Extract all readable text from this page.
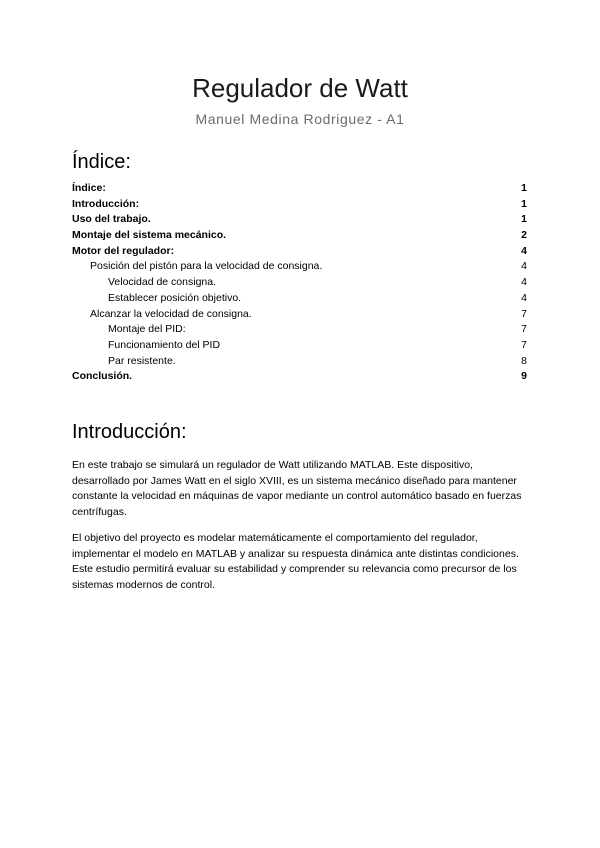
Regulador de Watt
Manuel Medina Rodriguez - A1
Índice:
Índice:	1
Introducción:	1
Uso del trabajo.	1
Montaje del sistema mecánico.	2
Motor del regulador:	4
Posición del pistón para la velocidad de consigna.	4
Velocidad de consigna.	4
Establecer posición objetivo.	4
Alcanzar la velocidad de consigna.	7
Montaje del PID:	7
Funcionamiento del PID	7
Par resistente.	8
Conclusión.	9
Introducción:

En este trabajo se simulará un regulador de Watt utilizando MATLAB. Este dispositivo, desarrollado por James Watt en el siglo XVIII, es un sistema mecánico diseñado para mantener constante la velocidad en máquinas de vapor mediante un control automático basado en fuerzas centrífugas.

El objetivo del proyecto es modelar matemáticamente el comportamiento del regulador, implementar el modelo en MATLAB y analizar su respuesta dinámica ante distintas condiciones. Este estudio permitirá evaluar su estabilidad y comprender su relevancia como precursor de los sistemas modernos de control.
